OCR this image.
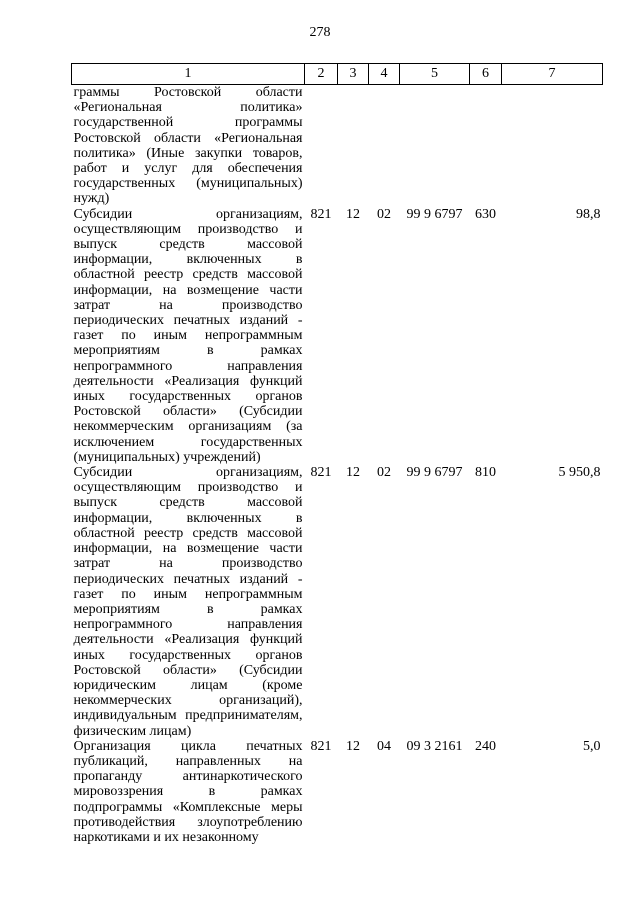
278
1	2	3	4	5	6	7
граммы Ростовской области «Региональная политика» государственной программы Ростовской области «Региональная политика» (Иные закупки товаров, работ и услуг для обеспечения государственных (муниципальных) нужд)						
Субсидии организациям, осуществляющим производство и выпуск средств массовой информации, включенных в областной реестр средств массовой информации, на возмещение части затрат на производство периодических печатных изданий - газет по иным непрограммным мероприятиям в рамках непрограммного направления деятельности «Реализация функций иных государственных органов Ростовской области» (Субсидии некоммерческим организациям (за исключением государственных (муниципальных) учреждений)	821	12	02	99 9 6797	630	98,8
Субсидии организациям, осуществляющим производство и выпуск средств массовой информации, включенных в областной реестр средств массовой информации, на возмещение части затрат на производство периодических печатных изданий - газет по иным непрограммным мероприятиям в рамках непрограммного направления деятельности «Реализация функций иных государственных органов Ростовской области» (Субсидии юридическим лицам (кроме некоммерческих организаций), индивидуальным предпринимателям, физическим лицам)	821	12	02	99 9 6797	810	5 950,8
Организация цикла печатных публикаций, направленных на пропаганду антинаркотического мировоззрения в рамках подпрограммы «Комплексные меры противодействия злоупотреблению наркотиками и их незаконному	821	12	04	09 3 2161	240	5,0
